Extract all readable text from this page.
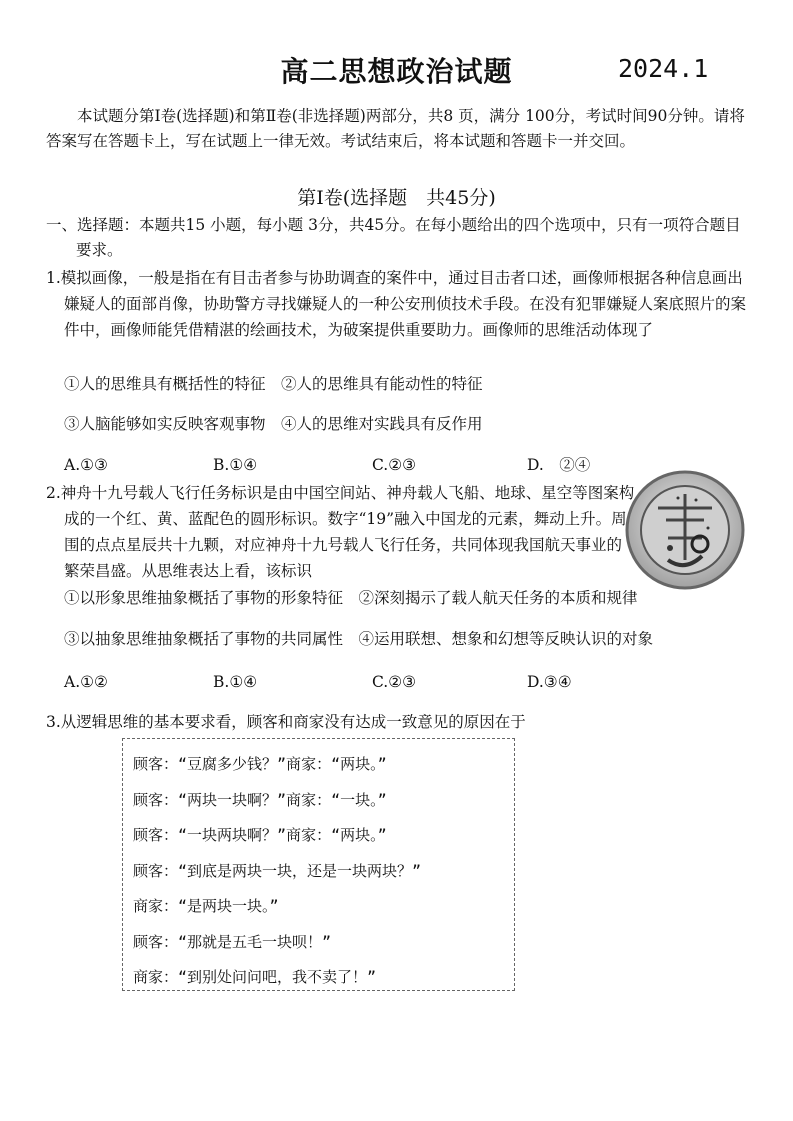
高二思想政治试题	2024.1
本试题分第Ⅰ卷(选择题)和第Ⅱ卷(非选择题)两部分，共8 页，满分 100分，考试时间90分钟。请将答案写在答题卡上，写在试题上一律无效。考试结束后，将本试题和答题卡一并交回。
第Ⅰ卷(选择题　共45分)
一、选择题：本题共15 小题，每小题 3分，共45分。在每小题给出的四个选项中，只有一项符合题目要求。
1.模拟画像，一般是指在有目击者参与协助调查的案件中，通过目击者口述，画像师根据各种信息画出嫌疑人的面部肖像，协助警方寻找嫌疑人的一种公安刑侦技术手段。在没有犯罪嫌疑人案底照片的案件中，画像师能凭借精湛的绘画技术，为破案提供重要助力。画像师的思维活动体现了
①人的思维具有概括性的特征　②人的思维具有能动性的特征
③人脑能够如实反映客观事物　④人的思维对实践具有反作用
A.①③	B.①④	C.②③	D.　②④
2.神舟十九号载人飞行任务标识是由中国空间站、神舟载人飞船、地球、星空等图案构成的一个红、黄、蓝配色的圆形标识。数字“19”融入中国龙的元素，舞动上升。周围的点点星辰共十九颗，对应神舟十九号载人飞行任务，共同体现我国航天事业的繁荣昌盛。从思维表达上看，该标识
①以形象思维抽象概括了事物的形象特征　②深刻揭示了载人航天任务的本质和规律
③以抽象思维抽象概括了事物的共同属性　④运用联想、想象和幻想等反映认识的对象
A.①②	B.①④	C.②③	D.③④
3.从逻辑思维的基本要求看，顾客和商家没有达成一致意见的原因在于
顾客：“豆腐多少钱？”商家：“两块。”
顾客：“两块一块啊？”商家：“一块。”
顾客：“一块两块啊？”商家：“两块。”
顾客：“到底是两块一块，还是一块两块？”
商家：“是两块一块。”
顾客：“那就是五毛一块呗！”
商家：“到别处问问吧，我不卖了！”
